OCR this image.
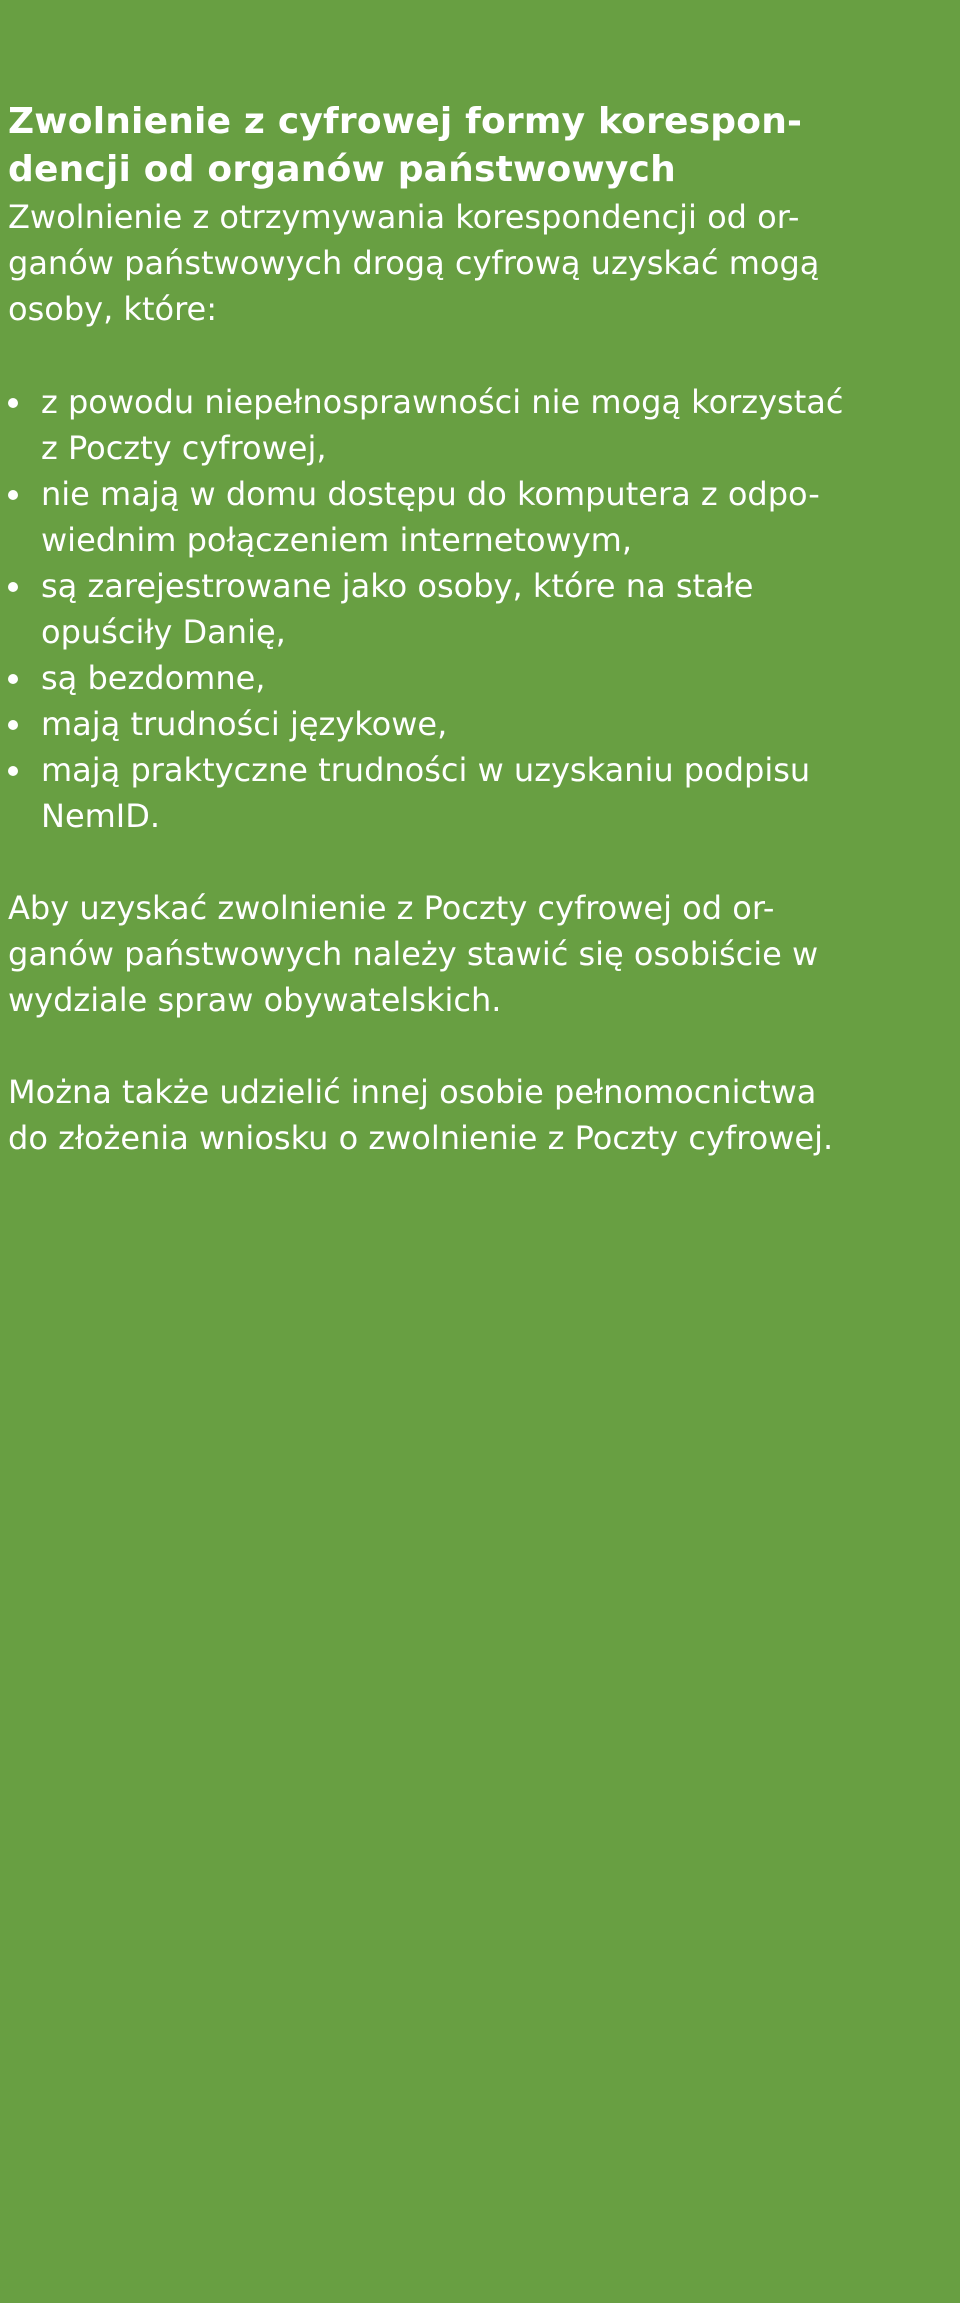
Zwolnienie z cyfrowej formy korespon-
dencji od organów państwowych

Zwolnienie z otrzymywania korespondencji od or-
ganów państwowych drogą cyfrową uzyskać mogą
osoby, które:

z powodu niepełnosprawności nie mogą korzystać
z Poczty cyfrowej,
nie mają w domu dostępu do komputera z odpo-
wiednim połączeniem internetowym,
są zarejestrowane jako osoby, które na stałe
opuściły Danię,
są bezdomne,
mają trudności językowe,
mają praktyczne trudności w uzyskaniu podpisu
NemID.

Aby uzyskać zwolnienie z Poczty cyfrowej od or-
ganów państwowych należy stawić się osobiście w
wydziale spraw obywatelskich.

Można także udzielić innej osobie pełnomocnictwa
do złożenia wniosku o zwolnienie z Poczty cyfrowej.
